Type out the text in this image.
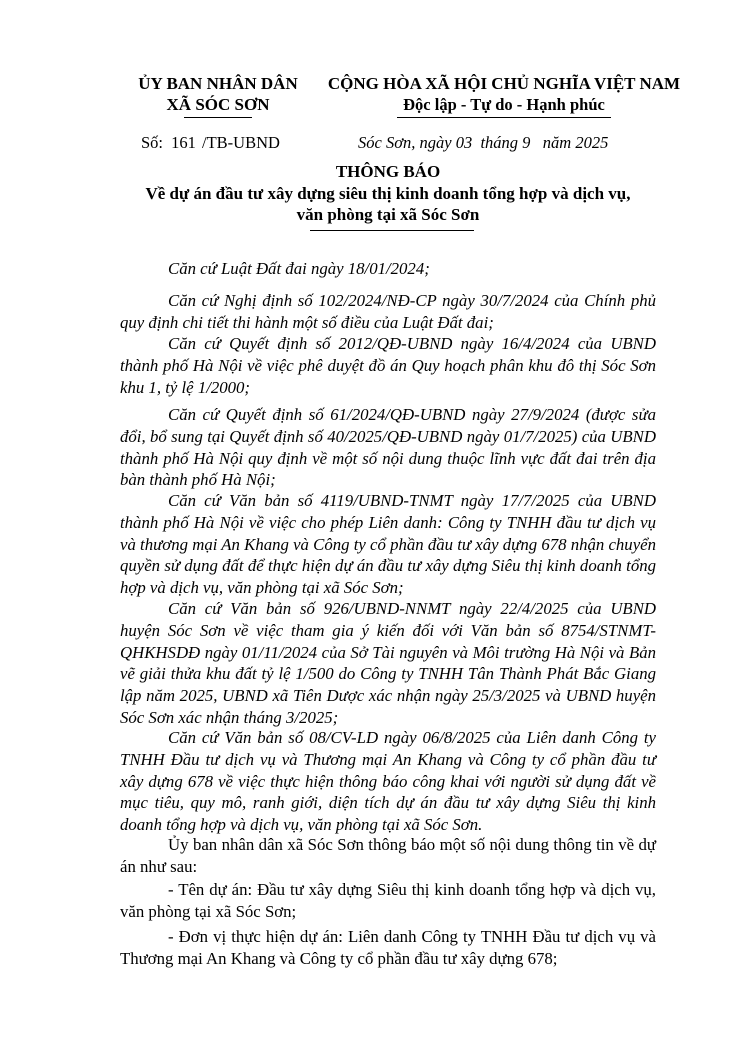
ỦY BAN NHÂN DÂN
XÃ SÓC SƠN
CỘNG HÒA XÃ HỘI CHỦ NGHĨA VIỆT NAM
Độc lập - Tự do - Hạnh phúc
Số: 161 /TB-UBND	Sóc Sơn, ngày 03  tháng 9   năm 2025
THÔNG BÁO
Về dự án đầu tư xây dựng siêu thị kinh doanh tổng hợp và dịch vụ,
văn phòng tại xã Sóc Sơn

Căn cứ Luật Đất đai ngày 18/01/2024;

Căn cứ Nghị định số 102/2024/NĐ-CP ngày 30/7/2024 của Chính phủ quy định chi tiết thi hành một số điều của Luật Đất đai;

Căn cứ Quyết định số 2012/QĐ-UBND ngày 16/4/2024 của UBND thành phố Hà Nội về việc phê duyệt đồ án Quy hoạch phân khu đô thị Sóc Sơn khu 1, tỷ lệ 1/2000;

Căn cứ Quyết định số 61/2024/QĐ-UBND ngày 27/9/2024 (được sửa đổi, bổ sung tại Quyết định số 40/2025/QĐ-UBND ngày 01/7/2025) của UBND thành phố Hà Nội quy định về một số nội dung thuộc lĩnh vực đất đai trên địa bàn thành phố Hà Nội;

Căn cứ Văn bản số 4119/UBND-TNMT ngày 17/7/2025 của UBND thành phố Hà Nội về việc cho phép Liên danh: Công ty TNHH đầu tư dịch vụ và thương mại An Khang và Công ty cổ phần đầu tư xây dựng 678 nhận chuyển quyền sử dụng đất để thực hiện dự án đầu tư xây dựng Siêu thị kinh doanh tổng hợp và dịch vụ, văn phòng tại xã Sóc Sơn;

Căn cứ Văn bản số 926/UBND-NNMT ngày 22/4/2025 của UBND huyện Sóc Sơn về việc tham gia ý kiến đối với Văn bản số 8754/STNMT-QHKHSDĐ ngày 01/11/2024 của Sở Tài nguyên và Môi trường Hà Nội và Bản vẽ giải thửa khu đất tỷ lệ 1/500 do Công ty TNHH Tân Thành Phát Bắc Giang lập năm 2025, UBND xã Tiên Dược xác nhận ngày 25/3/2025 và UBND huyện Sóc Sơn xác nhận tháng 3/2025;

Căn cứ Văn bản số 08/CV-LD ngày 06/8/2025 của Liên danh Công ty TNHH Đầu tư dịch vụ và Thương mại An Khang và Công ty cổ phần đầu tư xây dựng 678 về việc thực hiện thông báo công khai với người sử dụng đất về mục tiêu, quy mô, ranh giới, diện tích dự án đầu tư xây dựng Siêu thị kinh doanh tổng hợp và dịch vụ, văn phòng tại xã Sóc Sơn.

Ủy ban nhân dân xã Sóc Sơn thông báo một số nội dung thông tin về dự án như sau:

- Tên dự án: Đầu tư xây dựng Siêu thị kinh doanh tổng hợp và dịch vụ, văn phòng tại xã Sóc Sơn;

- Đơn vị thực hiện dự án: Liên danh Công ty TNHH Đầu tư dịch vụ và Thương mại An Khang và Công ty cổ phần đầu tư xây dựng 678;
